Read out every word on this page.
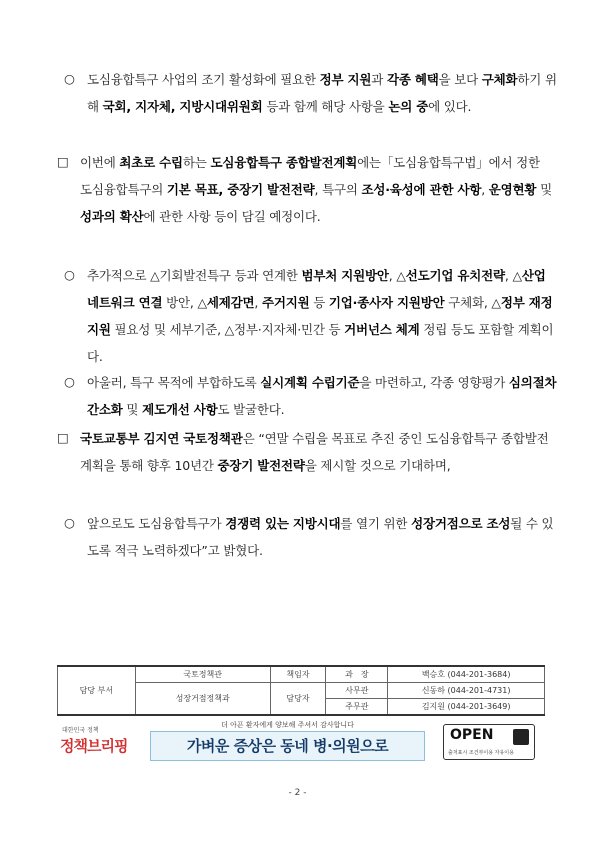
○ 도심융합특구 사업의 조기 활성화에 필요한 정부 지원과 각종 혜택을 보다 구체화하기 위해 국회, 지자체, 지방시대위원회 등과 함께 해당 사항을 논의 중에 있다.
□ 이번에 최초로 수립하는 도심융합특구 종합발전계획에는「도심융합특구법」에서 정한 도심융합특구의 기본 목표, 중장기 발전전략, 특구의 조성·육성에 관한 사항, 운영현황 및 성과의 확산에 관한 사항 등이 담길 예정이다.
○ 추가적으로 △기회발전특구 등과 연계한 범부처 지원방안, △선도기업 유치전략, △산업 네트워크 연결 방안, △세제감면, 주거지원 등 기업·종사자 지원방안 구체화, △정부 재정지원 필요성 및 세부기준, △정부·지자체·민간 등 거버넌스 체계 정립 등도 포함할 계획이다.
○ 아울러, 특구 목적에 부합하도록 실시계획 수립기준을 마련하고, 각종 영향평가 심의절차 간소화 및 제도개선 사항도 발굴한다.
□ 국토교통부 김지연 국토정책관은 “연말 수립을 목표로 추진 중인 도심융합특구 종합발전계획을 통해 향후 10년간 중장기 발전전략을 제시할 것으로 기대하며,
○ 앞으로도 도심융합특구가 경쟁력 있는 지방시대를 열기 위한 성장거점으로 조성될 수 있도록 적극 노력하겠다”고 밝혔다.
담당 부서	국토정책관	책임자	과　장	백승호 (044-201-3684)
	성장거점정책과	담당자	사무관	신동하 (044-201-4731)
			주무관	김지원 (044-201-3649)
대한민국 정책
정책브리핑
더 아픈 환자에게 양보해 주셔서 감사합니다
가벼운 증상은 동네 병·의원으로
OPEN
출처표시 조건부이용 자유이용
- 2 -
